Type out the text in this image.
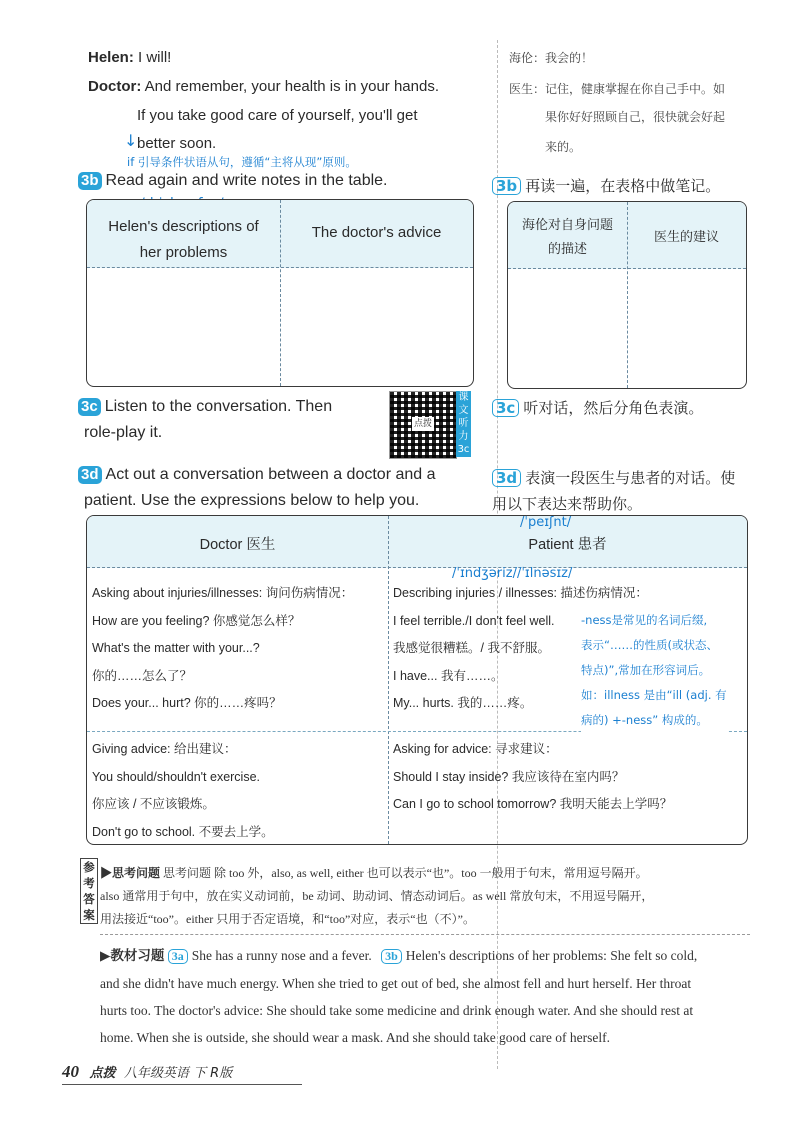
Helen: I will!
Doctor: And remember, your health is in your hands.
If you take good care of yourself, you'll get
better soon.
↓
if 引导条件状语从句，遵循“主将从现”原则。
海伦：我会的！
医生：记住，健康掌握在你自己手中。如
果你好好照顾自己，很快就会好起
来的。
3b Read again and write notes in the table.
Helen's descriptions of
her problems
The doctor's advice
3b 再读一遍，在表格中做笔记。
海伦对自身问题
的描述
医生的建议
3c Listen to the conversation. Then
role-play it.	点拨
课文听力3c
3c 听对话，然后分角色表演。
3d Act out a conversation between a doctor and a
patient. Use the expressions below to help you.
3d 表演一段医生与患者的对话。使
用以下表达来帮助你。
Doctor 医生	Patient 患者
Asking about injuries/illnesses: 询问伤病情况：
How are you feeling? 你感觉怎么样？
What's the matter with your...?
你的……怎么了？
Does your... hurt? 你的……疼吗？
Describing injuries / illnesses: 描述伤病情况：
I feel terrible./I don't feel well.
我感觉很糟糕。/ 我不舒服。
I have... 我有……。
My... hurts. 我的……疼。
-ness是常见的名词后缀,
表示“……的性质(或状态、
特点)”,常加在形容词后。
如：illness 是由“ill (adj. 有
病的) +-ness” 构成的。
Giving advice: 给出建议：
You should/shouldn't exercise.
你应该 / 不应该锻炼。
Don't go to school. 不要去上学。
Asking for advice: 寻求建议：
Should I stay inside? 我应该待在室内吗？
Can I go to school tomorrow? 我明天能去上学吗？
/ˈpeɪʃnt/
/ˈɪndʒəriz//ˈɪlnəsɪz/
参考答案
▶思考问题 思考问题 除 too 外，also, as well, either 也可以表示“也”。too 一般用于句末，常用逗号隔开。
also 通常用于句中，放在实义动词前，be 动词、助动词、情态动词后。as well 常放句末，不用逗号隔开，
用法接近“too”。either 只用于否定语境，和“too”对应，表示“也（不）”。
▶教材习题 3a She has a runny nose and a fever. 3b Helen's descriptions of her problems: She felt so cold,
and she didn't have much energy. When she tried to get out of bed, she almost fell and hurt herself. Her throat
hurts too. The doctor's advice: She should take some medicine and drink enough water. And she should rest at
home. When she is outside, she should wear a mask. And she should take good care of herself.
40 点拨 八年级英语 下 R版
